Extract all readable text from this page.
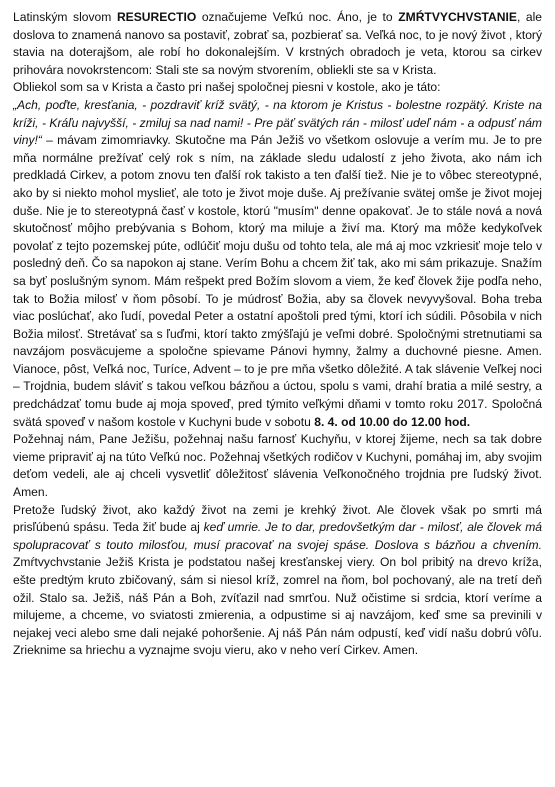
Latinským slovom RESURECTIO označujeme Veľkú noc. Áno, je to ZMŔTVYCHVSTANIE, ale doslova to znamená nanovo sa postaviť, zobrať sa, pozbierať sa. Veľká noc, to je nový život , ktorý stavia na doterajšom, ale robí ho dokonalejším. V krstných obradoch je veta, ktorou sa cirkev prihovára novokrstencom: Stali ste sa novým stvorením, obliekli ste sa v Krista.

Obliekol som sa v Krista a často pri našej spoločnej piesni v kostole, ako je táto:
„Ach, poďte, kresťania, - pozdraviť kríž svätý, - na ktorom je Kristus - bolestne rozpätý. Kriste na kríži, - Kráľu najvyšší, - zmiluj sa nad nami! - Pre päť svätých rán - milosť udeľ nám - a odpusť nám viny!“ – mávam zimomriavky. Skutočne ma Pán Ježiš vo všetkom oslovuje a verím mu. Je to pre mňa normálne prežívať celý rok s ním, na základe sledu udalostí z jeho života, ako nám ich predkladá Cirkev, a potom znovu ten ďalší rok takisto a ten ďalší tiež. Nie je to vôbec stereotypné, ako by si niekto mohol myslieť, ale toto je život moje duše. Aj prežívanie svätej omše je život mojej duše. Nie je to stereotypná časť v kostole, ktorú "musím" denne opakovať. Je to stále nová a nová skutočnosť môjho prebývania s Bohom, ktorý ma miluje a živí ma. Ktorý ma môže kedykoľvek povolať z tejto pozemskej púte, odlúčiť moju dušu od tohto tela, ale má aj moc vzkriesiť moje telo v posledný deň. Čo sa napokon aj stane. Verím Bohu a chcem žiť tak, ako mi sám prikazuje. Snažím sa byť poslušným synom. Mám rešpekt pred Božím slovom a viem, že keď človek žije podľa neho, tak to Božia milosť v ňom pôsobí. To je múdrosť Božia, aby sa človek nevyvyšoval. Boha treba viac poslúchať, ako ľudí, povedal Peter a ostatní apoštoli pred tými, ktorí ich súdili. Pôsobila v nich Božia milosť. Stretávať sa s ľuďmi, ktorí takto zmýšľajú je veľmi dobré. Spoločnými stretnutiami sa navzájom posväcujeme a spoločne spievame Pánovi hymny, žalmy a duchovné piesne. Amen. Vianoce, pôst, Veľká noc, Turíce, Advent – to je pre mňa všetko dôležité. A tak slávenie Veľkej noci – Trojdnia, budem sláviť s takou veľkou bázňou a úctou, spolu s vami, drahí bratia a milé sestry, a predchádzať tomu bude aj moja spoveď, pred týmito veľkými dňami v tomto roku 2017. Spoločná svätá spoveď v našom kostole v Kuchyni bude v sobotu 8. 4. od 10.00 do 12.00 hod.

Požehnaj nám, Pane Ježišu, požehnaj našu farnosť Kuchyňu, v ktorej žijeme, nech sa tak dobre vieme pripraviť aj na túto Veľkú noc. Požehnaj všetkých rodičov v Kuchyni, pomáhaj im, aby svojim deťom vedeli, ale aj chceli vysvetliť dôležitosť slávenia Veľkonočného trojdnia pre ľudský život. Amen.

Pretože ľudský život, ako každý život na zemi je krehký život. Ale človek však po smrti má prisľúbenú spásu. Teda žiť bude aj keď umrie. Je to dar, predovšetkým dar - milosť, ale človek má spolupracovať s touto milosťou, musí pracovať na svojej spáse. Doslova s bázňou a chvením. Zmŕtvychvstanie Ježiš Krista je podstatou našej kresťanskej viery. On bol pribitý na drevo kríža, ešte predtým kruto zbičovaný, sám si niesol kríž, zomrel na ňom, bol pochovaný, ale na tretí deň ožil. Stalo sa. Ježiš, náš Pán a Boh, zvíťazil nad smrťou. Nuž očistime si srdcia, ktorí veríme a milujeme, a chceme, vo sviatosti zmierenia, a odpustime si aj navzájom, keď sme sa previnili v nejakej veci alebo sme dali nejaké pohoršenie. Aj náš Pán nám odpustí, keď vidí našu dobrú vôľu. Zrieknime sa hriechu a vyznajme svoju vieru, ako v neho verí Cirkev. Amen.
